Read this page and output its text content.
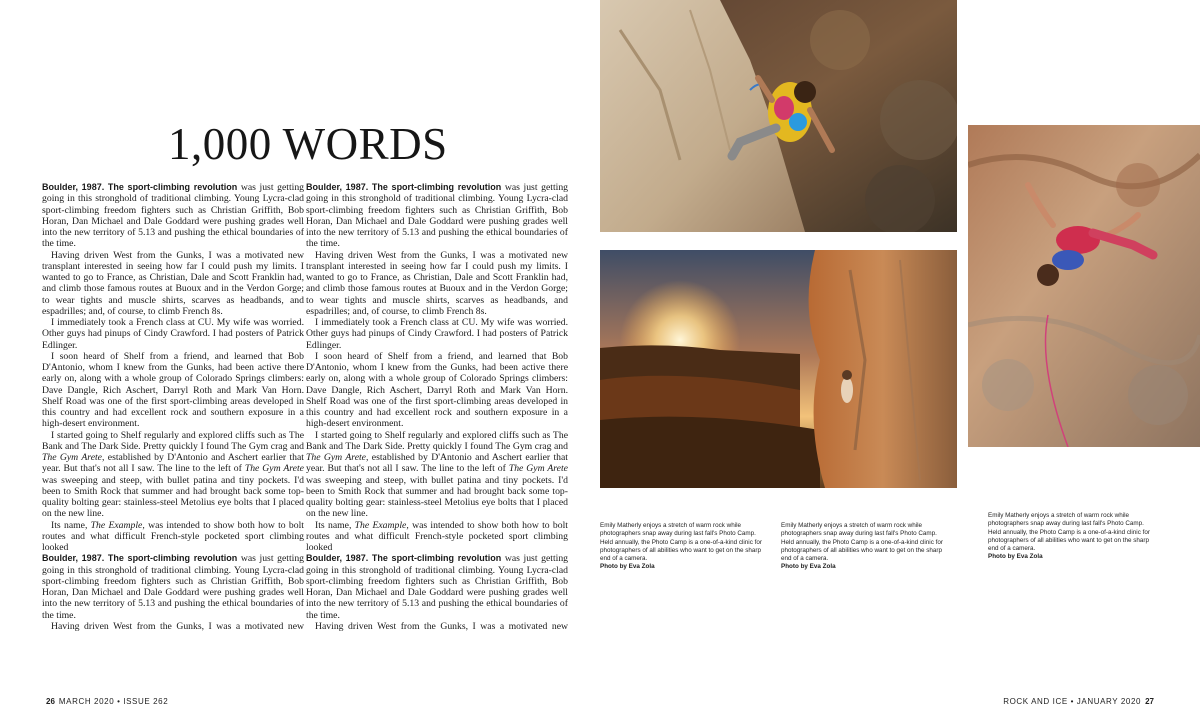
1,000 WORDS

Boulder, 1987. The sport-climbing revolution was just getting going in this stronghold of traditional climbing. Young Lycra-clad sport-climbing freedom fighters such as Christian Griffith, Bob Horan, Dan Michael and Dale Goddard were pushing grades well into the new territory of 5.13 and pushing the ethical boundaries of the time.

Having driven West from the Gunks, I was a motivated new transplant interested in seeing how far I could push my limits. I wanted to go to France, as Christian, Dale and Scott Franklin had, and climb those famous routes at Buoux and in the Verdon Gorge; to wear tights and muscle shirts, scarves as headbands, and espadrilles; and, of course, to climb French 8s.

I immediately took a French class at CU. My wife was worried. Other guys had pinups of Cindy Crawford. I had posters of Patrick Edlinger.

I soon heard of Shelf from a friend, and learned that Bob D'Antonio, whom I knew from the Gunks, had been active there early on, along with a whole group of Colorado Springs climbers: Dave Dangle, Rich Aschert, Darryl Roth and Mark Van Horn. Shelf Road was one of the first sport-climbing areas developed in this country and had excellent rock and southern exposure in a high-desert environment.

I started going to Shelf regularly and explored cliffs such as The Bank and The Dark Side. Pretty quickly I found The Gym crag and The Gym Arete, established by D'Antonio and Aschert earlier that year. But that's not all I saw. The line to the left of The Gym Arete was sweeping and steep, with bullet patina and tiny pockets. I'd been to Smith Rock that summer and had brought back some top-quality bolting gear: stainless-steel Metolius eye bolts that I placed on the new line.

Its name, The Example, was intended to show both how to bolt routes and what difficult French-style pocketed sport climbing looked

Boulder, 1987. The sport-climbing revolution was just getting going in this stronghold of traditional climbing. Young Lycra-clad sport-climbing freedom fighters such as Christian Griffith, Bob Horan, Dan Michael and Dale Goddard were pushing grades well into the new territory of 5.13 and pushing the ethical boundaries of the time.

Having driven West from the Gunks, I was a motivated new

Boulder, 1987. The sport-climbing revolution was just getting going in this stronghold of traditional climbing. Young Lycra-clad sport-climbing freedom fighters such as Christian Griffith, Bob Horan, Dan Michael and Dale Goddard were pushing grades well into the new territory of 5.13 and pushing the ethical boundaries of the time.

Having driven West from the Gunks, I was a motivated new transplant interested in seeing how far I could push my limits. I wanted to go to France, as Christian, Dale and Scott Franklin had, and climb those famous routes at Buoux and in the Verdon Gorge; to wear tights and muscle shirts, scarves as headbands, and espadrilles; and, of course, to climb French 8s.

I immediately took a French class at CU. My wife was worried. Other guys had pinups of Cindy Crawford. I had posters of Patrick Edlinger.

I soon heard of Shelf from a friend, and learned that Bob D'Antonio, whom I knew from the Gunks, had been active there early on, along with a whole group of Colorado Springs climbers: Dave Dangle, Rich Aschert, Darryl Roth and Mark Van Horn. Shelf Road was one of the first sport-climbing areas developed in this country and had excellent rock and southern exposure in a high-desert environment.

I started going to Shelf regularly and explored cliffs such as The Bank and The Dark Side. Pretty quickly I found The Gym crag and The Gym Arete, established by D'Antonio and Aschert earlier that year. But that's not all I saw. The line to the left of The Gym Arete was sweeping and steep, with bullet patina and tiny pockets. I'd been to Smith Rock that summer and had brought back some top-quality bolting gear: stainless-steel Metolius eye bolts that I placed on the new line.

Its name, The Example, was intended to show both how to bolt routes and what difficult French-style pocketed sport climbing looked

Boulder, 1987. The sport-climbing revolution was just getting going in this stronghold of traditional climbing. Young Lycra-clad sport-climbing freedom fighters such as Christian Griffith, Bob Horan, Dan Michael and Dale Goddard were pushing grades well into the new territory of 5.13 and pushing the ethical boundaries of the time.

Having driven West from the Gunks, I was a motivated new

Emily Matherly enjoys a stretch of warm rock while photographers snap away during last fall's Photo Camp. Held annually, the Photo Camp is a one-of-a-kind clinic for photographers of all abilities who want to get on the sharp end of a camera.
Photo by Eva Zola
Emily Matherly enjoys a stretch of warm rock while photographers snap away during last fall's Photo Camp. Held annually, the Photo Camp is a one-of-a-kind clinic for photographers of all abilities who want to get on the sharp end of a camera.
Photo by Eva Zola
Emily Matherly enjoys a stretch of warm rock while photographers snap away during last fall's Photo Camp. Held annually, the Photo Camp is a one-of-a-kind clinic for photographers of all abilities who want to get on the sharp end of a camera.
Photo by Eva Zola
26 MARCH 2020 • ISSUE 262	ROCK AND ICE • JANUARY 2020 27
